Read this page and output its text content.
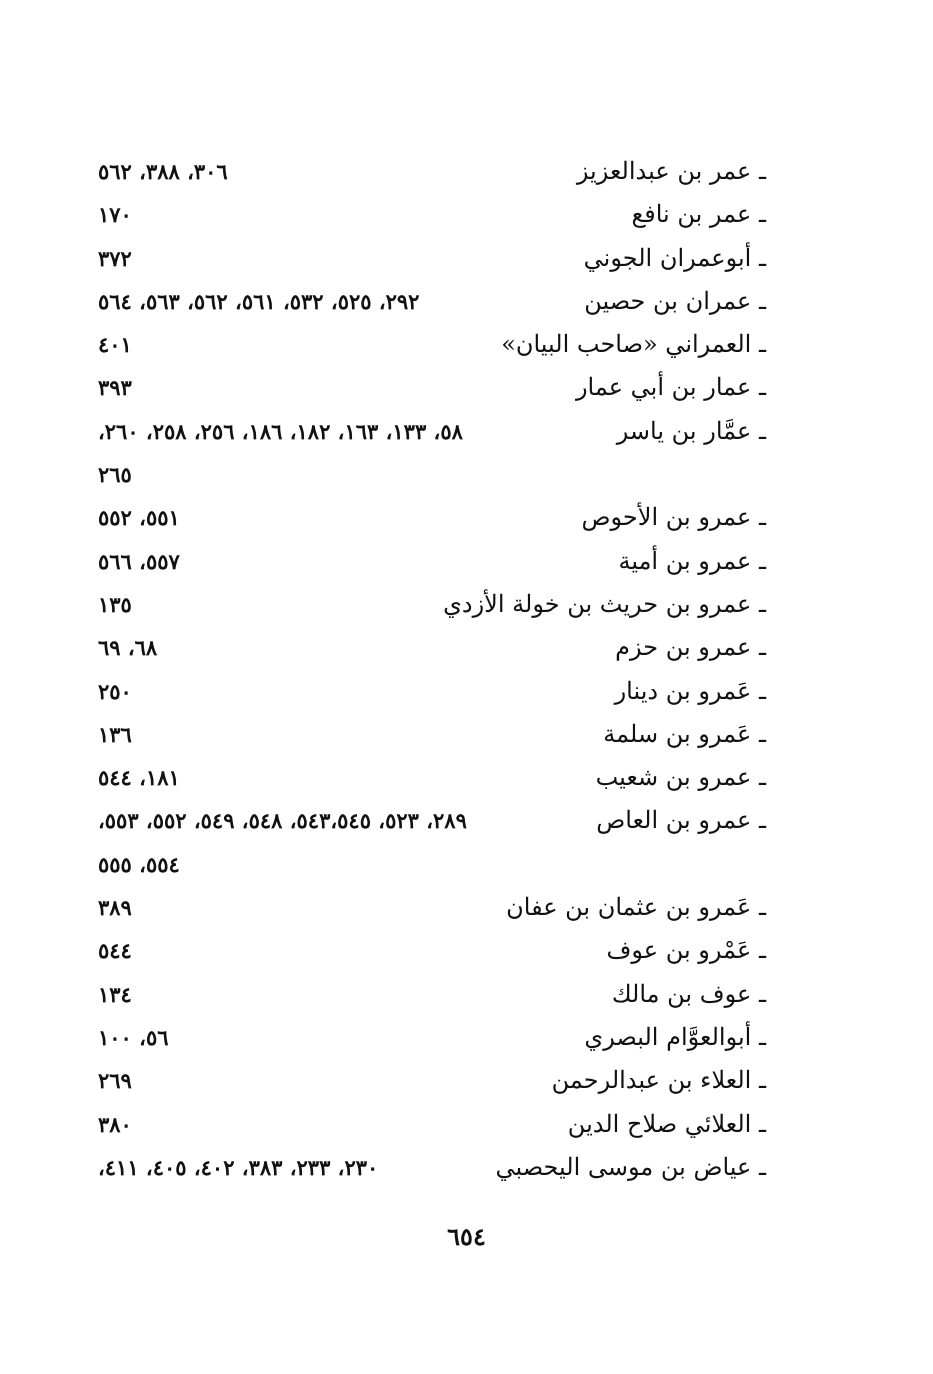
ـ عمر بن عبدالعزيز
٣٠٦، ٣٨٨، ٥٦٢
ـ عمر بن نافع
١٧٠
ـ أبوعمران الجوني
٣٧٢
ـ عمران بن حصين
٢٩٢، ٥٢٥، ٥٣٢، ٥٦١، ٥٦٢، ٥٦٣، ٥٦٤
ـ العمراني «صاحب البيان»
٤٠١
ـ عمار بن أبي عمار
٣٩٣
ـ عمَّار بن ياسر
٥٨، ١٣٣، ١٦٣، ١٨٢، ١٨٦، ٢٥٦، ٢٥٨، ٢٦٠،
٢٦٥
ـ عمرو بن الأحوص
٥٥١، ٥٥٢
ـ عمرو بن أمية
٥٥٧، ٥٦٦
ـ عمرو بن حريث بن خولة الأزدي
١٣٥
ـ عمرو بن حزم
٦٨، ٦٩
ـ عَمرو بن دينار
٢٥٠
ـ عَمرو بن سلمة
١٣٦
ـ عمرو بن شعيب
١٨١، ٥٤٤
ـ عمرو بن العاص
٢٨٩، ٥٢٣، ٥٤٣،٥٤٥، ٥٤٨، ٥٤٩، ٥٥٢، ٥٥٣،
٥٥٤، ٥٥٥
ـ عَمرو بن عثمان بن عفان
٣٨٩
ـ عَمْرو بن عوف
٥٤٤
ـ عوف بن مالك
١٣٤
ـ أبوالعوَّام البصري
٥٦، ١٠٠
ـ العلاء بن عبدالرحمن
٢٦٩
ـ العلائي صلاح الدين
٣٨٠
ـ عياض بن موسى اليحصبي
٢٣٠، ٢٣٣، ٣٨٣، ٤٠٢، ٤٠٥، ٤١١،
٦٥٤
